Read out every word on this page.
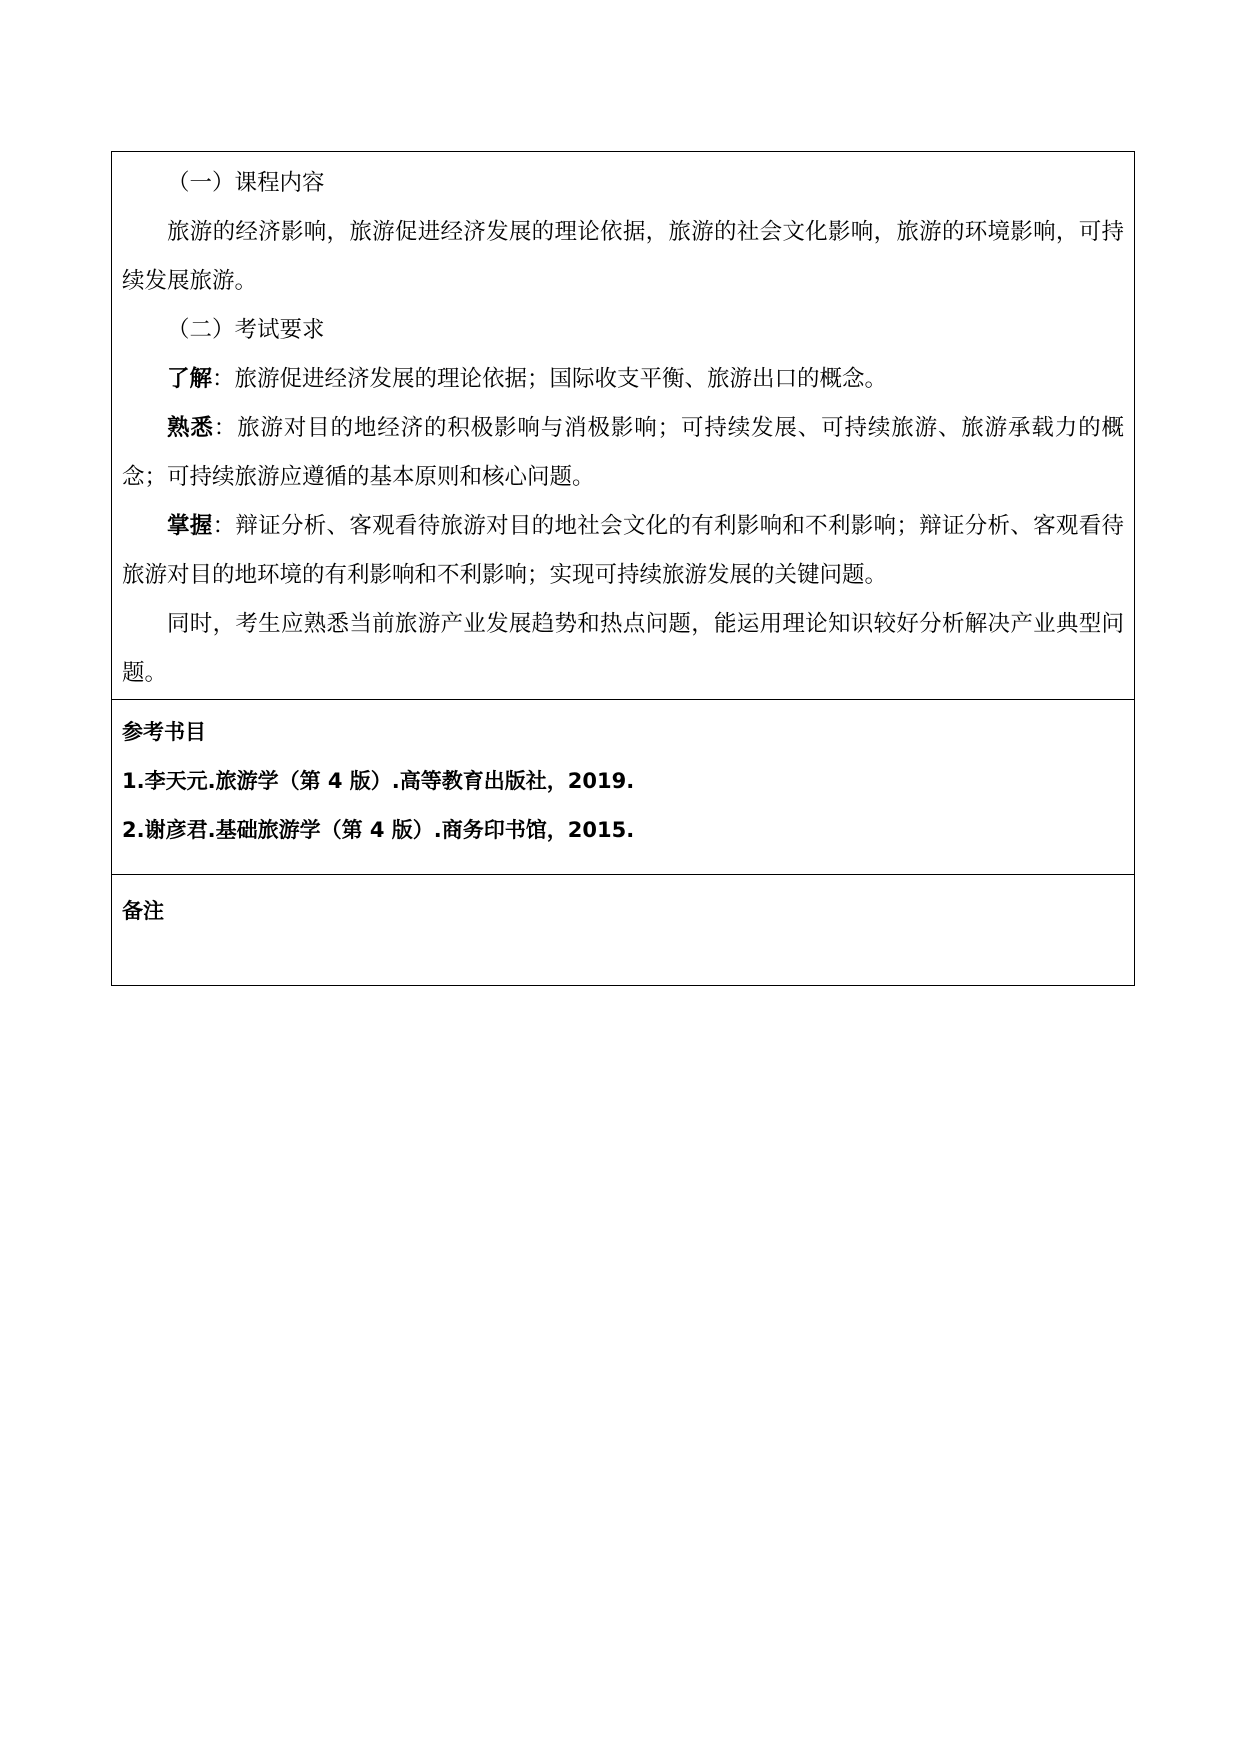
（一）课程内容

旅游的经济影响，旅游促进经济发展的理论依据，旅游的社会文化影响，旅游的环境影响，可持续发展旅游。

（二）考试要求

了解：旅游促进经济发展的理论依据；国际收支平衡、旅游出口的概念。

熟悉：旅游对目的地经济的积极影响与消极影响；可持续发展、可持续旅游、旅游承载力的概念；可持续旅游应遵循的基本原则和核心问题。

掌握：辩证分析、客观看待旅游对目的地社会文化的有利影响和不利影响；辩证分析、客观看待旅游对目的地环境的有利影响和不利影响；实现可持续旅游发展的关键问题。

同时，考生应熟悉当前旅游产业发展趋势和热点问题，能运用理论知识较好分析解决产业典型问题。

参考书目

1.李天元.旅游学（第 4 版）.高等教育出版社，2019.

2.谢彦君.基础旅游学（第 4 版）.商务印书馆，2015.

备注
